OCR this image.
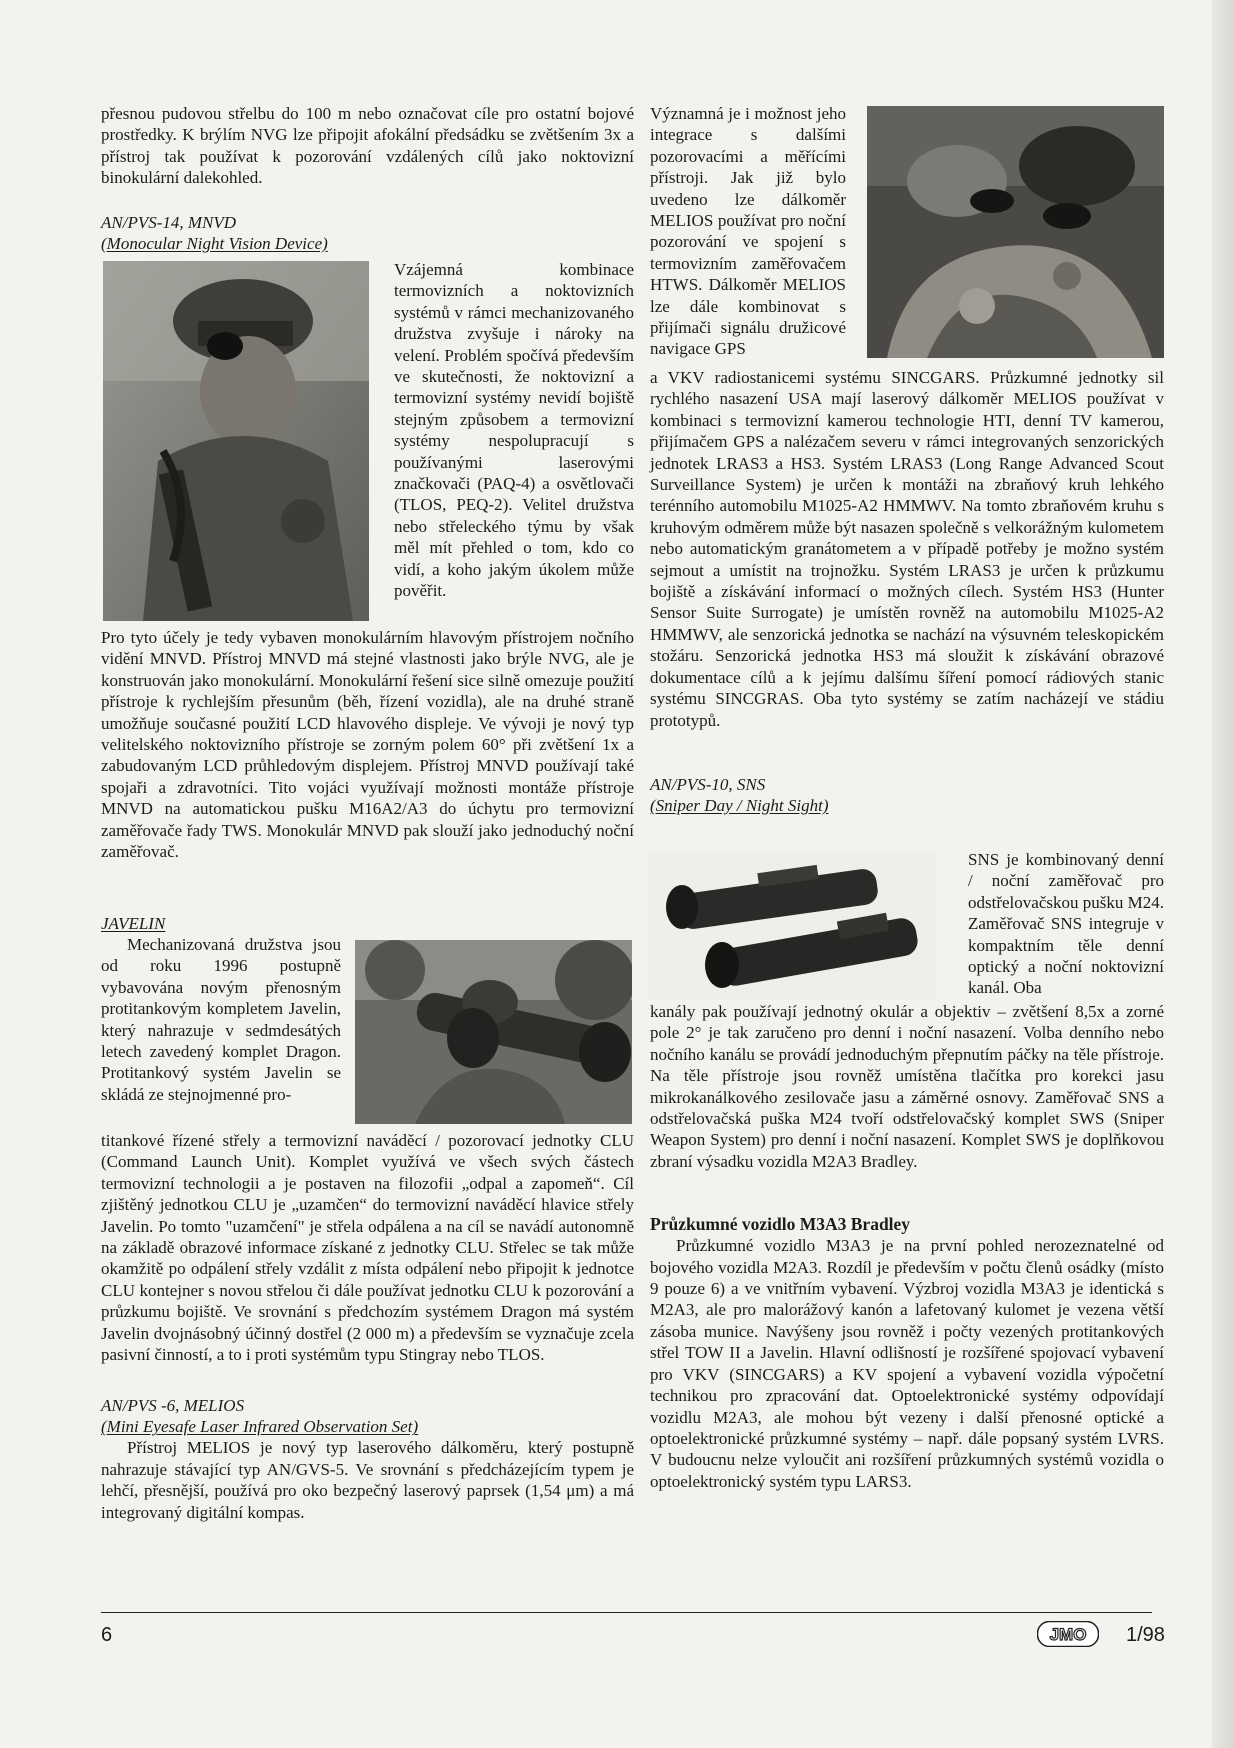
přesnou pudovou střelbu do 100 m nebo označovat cíle pro ostatní bojové prostředky. K brýlím NVG lze připojit afokální předsádku se zvětšením 3x a přístroj tak používat k pozorování vzdálených cílů jako noktovizní binokulární dalekohled.

AN/PVS-14, MNVD
(Monocular Night Vision Device)

Vzájemná kombinace termovizních a noktovizních systémů v rámci mechanizovaného družstva zvyšuje i nároky na velení. Problém spočívá především ve skutečnosti, že noktovizní a termovizní systémy nevidí bojiště stejným způsobem a termovizní systémy nespolupracují s používanými laserovými značkovači (PAQ-4) a osvětlovači (TLOS, PEQ-2). Velitel družstva nebo střeleckého týmu by však měl mít přehled o tom, kdo co vidí, a koho jakým úkolem může pověřit.

Pro tyto účely je tedy vybaven monokulárním hlavovým přístrojem nočního vidění MNVD. Přístroj MNVD má stejné vlastnosti jako brýle NVG, ale je konstruován jako monokulární. Monokulární řešení sice silně omezuje použití přístroje k rychlejším přesunům (běh, řízení vozidla), ale na druhé straně umožňuje současné použití LCD hlavového displeje. Ve vývoji je nový typ velitelského noktovizního přístroje se zorným polem 60° při zvětšení 1x a zabudovaným LCD průhledovým displejem. Přístroj MNVD používají také spojaři a zdravotníci. Tito vojáci využívají možnosti montáže přístroje MNVD na automatickou pušku M16A2/A3 do úchytu pro termovizní zaměřovače řady TWS. Monokulár MNVD pak slouží jako jednoduchý noční zaměřovač.

JAVELIN

Mechanizovaná družstva jsou od roku 1996 postupně vybavována novým přenosným protitankovým kompletem Javelin, který nahrazuje v sedmdesátých letech zavedený komplet Dragon. Protitankový systém Javelin se skládá ze stejnojmenné pro-

titankové řízené střely a termovizní naváděcí / pozorovací jednotky CLU (Command Launch Unit). Komplet využívá ve všech svých částech termovizní technologii a je postaven na filozofii „odpal a zapomeň“. Cíl zjištěný jednotkou CLU je „uzamčen“ do termovizní naváděcí hlavice střely Javelin. Po tomto "uzamčení" je střela odpálena a na cíl se navádí autonomně na základě obrazové informace získané z jednotky CLU. Střelec se tak může okamžitě po odpálení střely vzdálit z místa odpálení nebo připojit k jednotce CLU kontejner s novou střelou či dále používat jednotku CLU k pozorování a průzkumu bojiště. Ve srovnání s předchozím systémem Dragon má systém Javelin dvojnásobný účinný dostřel (2 000 m) a především se vyznačuje zcela pasivní činností, a to i proti systémům typu Stingray nebo TLOS.

AN/PVS -6, MELIOS
(Mini Eyesafe Laser Infrared Observation Set)

Přístroj MELIOS je nový typ laserového dálkoměru, který postupně nahrazuje stávající typ AN/GVS-5. Ve srovnání s předcházejícím typem je lehčí, přesnější, používá pro oko bezpečný laserový paprsek (1,54 μm) a má integrovaný digitální kompas.

Významná je i možnost jeho integrace s dalšími pozorovacími a měřícími přístroji. Jak již bylo uvedeno lze dálkoměr MELIOS používat pro noční pozorování ve spojení s termovizním zaměřovačem HTWS. Dálkoměr MELIOS lze dále kombinovat s přijímači signálu družicové navigace GPS

a VKV radiostanicemi systému SINCGARS. Průzkumné jednotky sil rychlého nasazení USA mají laserový dálkoměr MELIOS používat v kombinaci s termovizní kamerou technologie HTI, denní TV kamerou, přijímačem GPS a nalézačem severu v rámci integrovaných senzorických jednotek LRAS3 a HS3. Systém LRAS3 (Long Range Advanced Scout Surveillance System) je určen k montáži na zbraňový kruh lehkého terénního automobilu M1025-A2 HMMWV. Na tomto zbraňovém kruhu s kruhovým odměrem může být nasazen společně s velkorážným kulometem nebo automatickým granátometem a v případě potřeby je možno systém sejmout a umístit na trojnožku. Systém LRAS3 je určen k průzkumu bojiště a získávání informací o možných cílech. Systém HS3 (Hunter Sensor Suite Surrogate) je umístěn rovněž na automobilu M1025-A2 HMMWV, ale senzorická jednotka se nachází na výsuvném teleskopickém stožáru. Senzorická jednotka HS3 má sloužit k získávání obrazové dokumentace cílů a k jejímu dalšímu šíření pomocí rádiových stanic systému SINCGRAS. Oba tyto systémy se zatím nacházejí ve stádiu prototypů.

AN/PVS-10, SNS
(Sniper Day / Night Sight)

SNS je kombinovaný denní / noční zaměřovač pro odstřelovačskou pušku M24. Zaměřovač SNS integruje v kompaktním těle denní optický a noční noktovizní kanál. Oba

kanály pak používají jednotný okulár a objektiv – zvětšení 8,5x a zorné pole 2° je tak zaručeno pro denní i noční nasazení. Volba denního nebo nočního kanálu se provádí jednoduchým přepnutím páčky na těle přístroje. Na těle přístroje jsou rovněž umístěna tlačítka pro korekci jasu mikrokanálkového zesilovače jasu a záměrné osnovy. Zaměřovač SNS a odstřelovačská puška M24 tvoří odstřelovačský komplet SWS (Sniper Weapon System) pro denní i noční nasazení. Komplet SWS je doplňkovou zbraní výsadku vozidla M2A3 Bradley.

Průzkumné vozidlo M3A3 Bradley

Průzkumné vozidlo M3A3 je na první pohled nerozeznatelné od bojového vozidla M2A3. Rozdíl je především v počtu členů osádky (místo 9 pouze 6) a ve vnitřním vybavení. Výzbroj vozidla M3A3 je identická s M2A3, ale pro malorážový kanón a lafetovaný kulomet je vezena větší zásoba munice. Navýšeny jsou rovněž i počty vezených protitankových střel TOW II a Javelin. Hlavní odlišností je rozšířené spojovací vybavení pro VKV (SINCGARS) a KV spojení a vybavení vozidla výpočetní technikou pro zpracování dat. Optoelektronické systémy odpovídají vozidlu M2A3, ale mohou být vezeny i další přenosné optické a optoelektronické průzkumné systémy – např. dále popsaný systém LVRS. V budoucnu nelze vyloučit ani rozšíření průzkumných systémů vozidla o optoelektronický systém typu LARS3.

6	JMO 1/98
